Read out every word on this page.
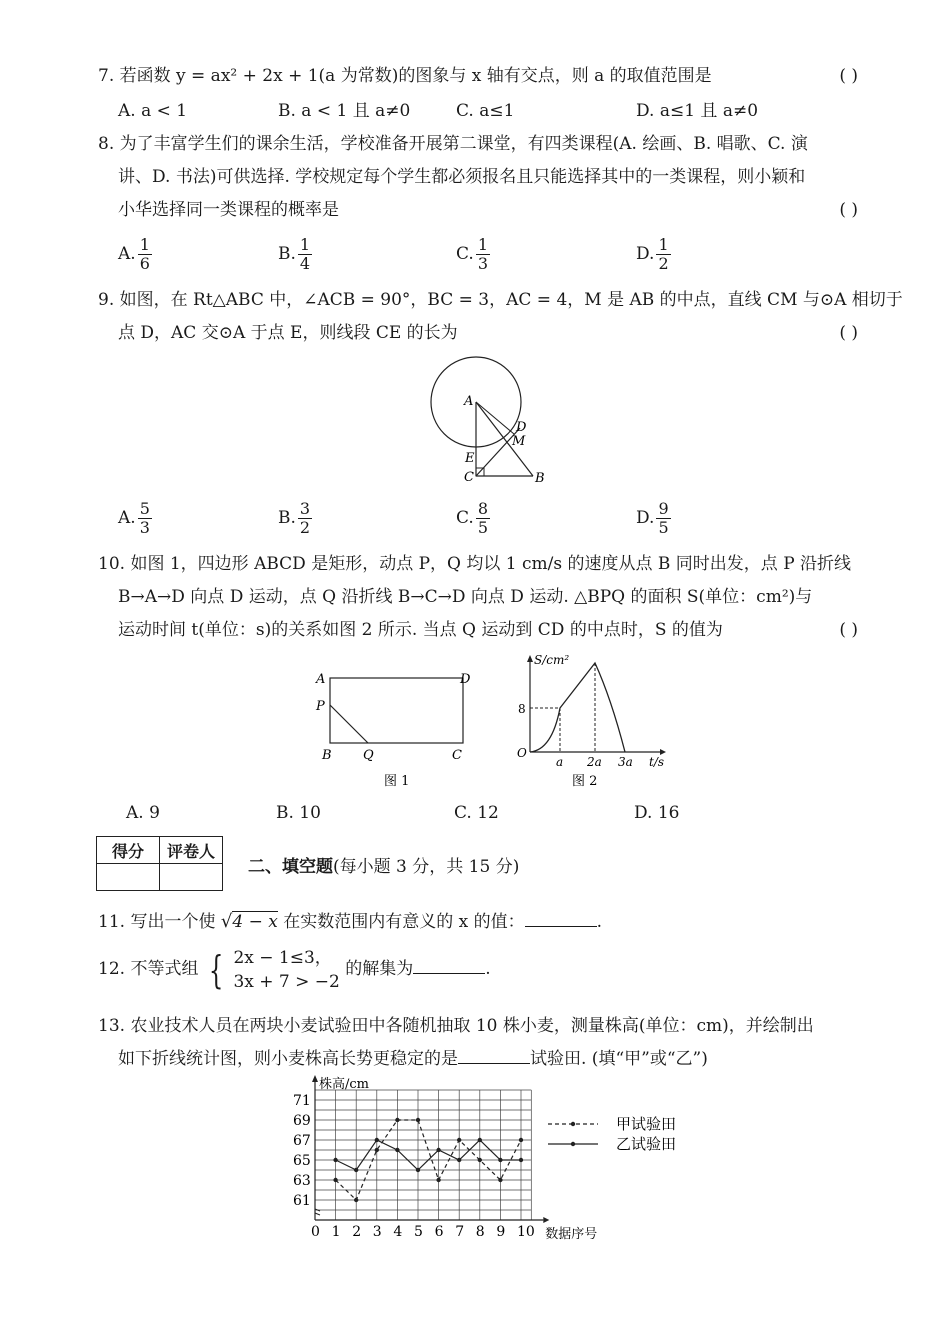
7. 若函数 y = ax² + 2x + 1(a 为常数)的图象与 x 轴有交点，则 a 的取值范围是	( )
A. a < 1	B. a < 1 且 a≠0	C. a≤1	D. a≤1 且 a≠0
8. 为了丰富学生们的课余生活，学校准备开展第二课堂，有四类课程(A. 绘画、B. 唱歌、C. 演
讲、D. 书法)可供选择. 学校规定每个学生都必须报名且只能选择其中的一类课程，则小颖和
小华选择同一类课程的概率是	( )
A. $\frac{1}{6}$	B. $\frac{1}{4}$	C. $\frac{1}{3}$	D. $\frac{1}{2}$
9. 如图，在 Rt△ABC 中，∠ACB = 90°，BC = 3，AC = 4，M 是 AB 的中点，直线 CM 与⊙A 相切于
点 D，AC 交⊙A 于点 E，则线段 CE 的长为	( )
A
D
M
E
C	B
A. $\frac{5}{3}$	B. $\frac{3}{2}$	C. $\frac{8}{5}$	D. $\frac{9}{5}$
10. 如图 1，四边形 ABCD 是矩形，动点 P，Q 均以 1 cm/s 的速度从点 B 同时出发，点 P 沿折线
B→A→D 向点 D 运动，点 Q 沿折线 B→C→D 向点 D 运动. △BPQ 的面积 S(单位：cm²)与
运动时间 t(单位：s)的关系如图 2 所示. 当点 Q 运动到 CD 的中点时，S 的值为	( )
A	D
P
B Q	C
图 1
S/cm²
t/s
O
8
a 2a 3a
图 2
A. 9	B. 10	C. 12	D. 16
得分	评卷人

二、填空题(每小题 3 分，共 15 分)
11. 写出一个使 √4 − x 在实数范围内有意义的 x 的值：	.
12. 不等式组 { 2x − 1≤3，
3x + 7 > −2
的解集为	.
13. 农业技术人员在两块小麦试验田中各随机抽取 10 株小麦，测量株高(单位：cm)，并绘制出
如下折线统计图，则小麦株高长势更稳定的是	试验田. (填“甲”或“乙”)
0 1 2 3 4 5 6 7 8 9 10
61
63
65
67
69
71
株高/cm
数据序号
甲试验田
乙试验田
